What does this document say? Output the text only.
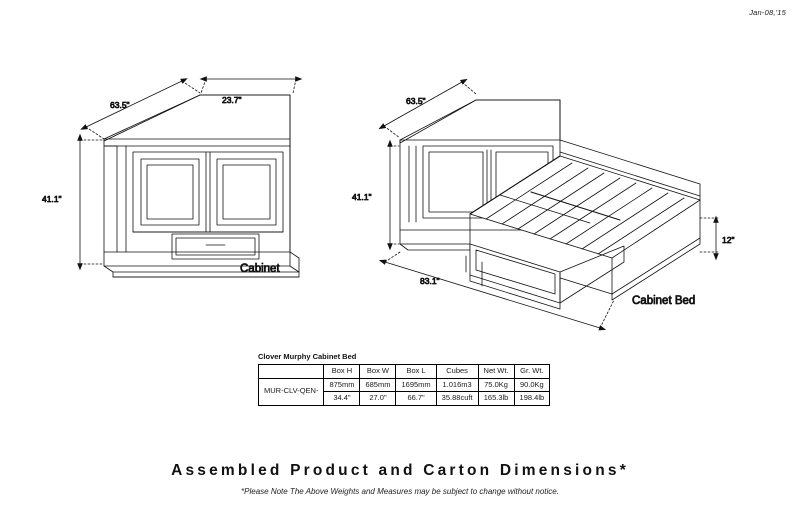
Jan-08,'15
63.5"	23.7"
41.1"
Cabinet
63.5"
41.1"
83.1"
12"
Cabinet Bed
Clover Murphy Cabinet Bed
	Box H	Box W	Box L	Cubes	Net Wt.	Gr. Wt.
MUR-CLV-QEN-	875mm	685mm	1695mm	1.016m3	75.0Kg	90.0Kg
	34.4"	27.0"	66.7"	35.88cuft	165.3lb	198.4lb
Assembled Product and Carton Dimensions*
*Please Note The Above Weights and Measures may be subject to change without notice.
